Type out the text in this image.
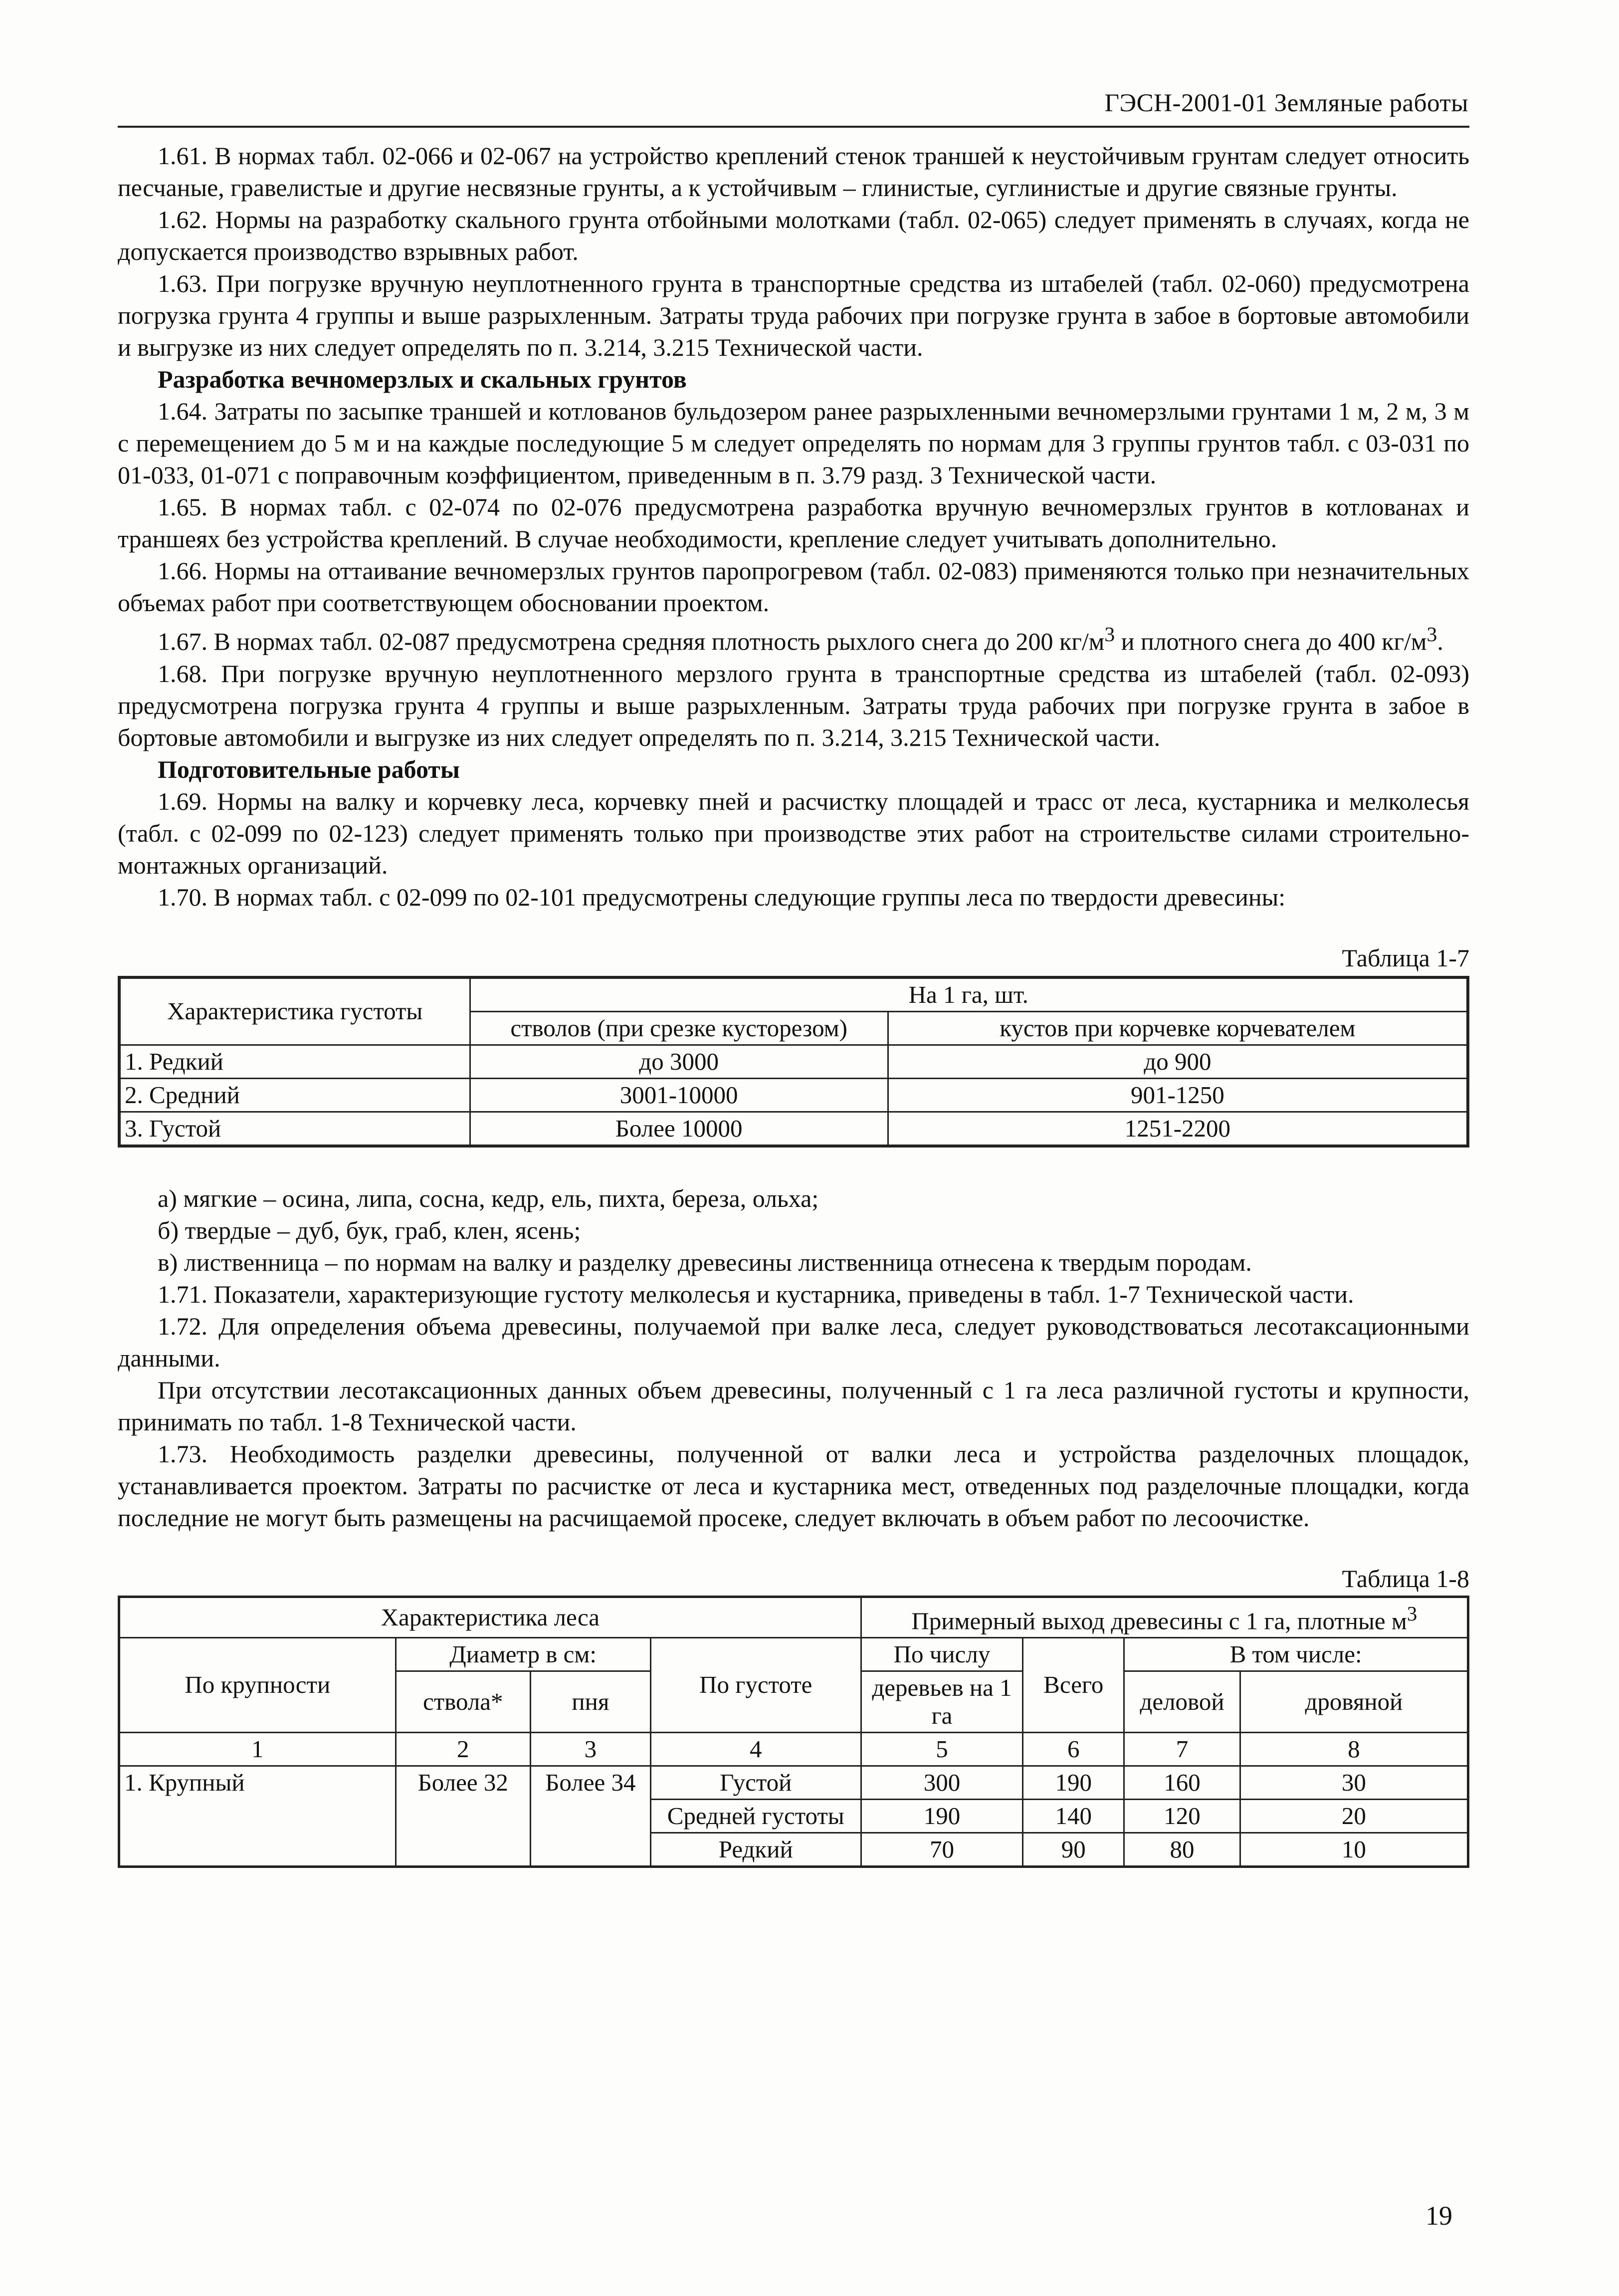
ГЭСН-2001-01 Земляные работы

1.61. В нормах табл. 02-066 и 02-067 на устройство креплений стенок траншей к неустойчивым грунтам следует относить песчаные, гравелистые и другие несвязные грунты, а к устойчивым – глинистые, суглинистые и другие связные грунты.

1.62. Нормы на разработку скального грунта отбойными молотками (табл. 02-065) следует применять в случаях, когда не допускается производство взрывных работ.

1.63. При погрузке вручную неуплотненного грунта в транспортные средства из штабелей (табл. 02-060) предусмотрена погрузка грунта 4 группы и выше разрыхленным. Затраты труда рабочих при погрузке грунта в забое в бортовые автомобили и выгрузке из них следует определять по п. 3.214, 3.215 Технической части.

Разработка вечномерзлых и скальных грунтов

1.64. Затраты по засыпке траншей и котлованов бульдозером ранее разрыхленными вечномерзлыми грунтами 1 м, 2 м, 3 м с перемещением до 5 м и на каждые последующие 5 м следует определять по нормам для 3 группы грунтов табл. с 03-031 по 01-033, 01-071 с поправочным коэффициентом, приведенным в п. 3.79 разд. 3 Технической части.

1.65. В нормах табл. с 02-074 по 02-076 предусмотрена разработка вручную вечномерзлых грунтов в котлованах и траншеях без устройства креплений. В случае необходимости, крепление следует учитывать дополнительно.

1.66. Нормы на оттаивание вечномерзлых грунтов паропрогревом (табл. 02-083) применяются только при незначительных объемах работ при соответствующем обосновании проектом.

1.67. В нормах табл. 02-087 предусмотрена средняя плотность рыхлого снега до 200 $кг/м^3$ и плотного снега до 400 $кг/м^3$.

1.68. При погрузке вручную неуплотненного мерзлого грунта в транспортные средства из штабелей (табл. 02-093) предусмотрена погрузка грунта 4 группы и выше разрыхленным. Затраты труда рабочих при погрузке грунта в забое в бортовые автомобили и выгрузке из них следует определять по п. 3.214, 3.215 Технической части.

Подготовительные работы

1.69. Нормы на валку и корчевку леса, корчевку пней и расчистку площадей и трасс от леса, кустарника и мелколесья (табл. с 02-099 по 02-123) следует применять только при производстве этих работ на строительстве силами строительно-монтажных организаций.

1.70. В нормах табл. с 02-099 по 02-101 предусмотрены следующие группы леса по твердости древесины:

Таблица 1-7
Характеристика густоты	На 1 га, шт.	
	стволов (при срезке кусторезом)	кустов при корчевке корчевателем
1. Редкий	до 3000	до 900
2. Средний	3001-10000	901-1250
3. Густой	Более 10000	1251-2200

а) мягкие – осина, липа, сосна, кедр, ель, пихта, береза, ольха;

б) твердые – дуб, бук, граб, клен, ясень;

в) лиственница – по нормам на валку и разделку древесины лиственница отнесена к твердым породам.

1.71. Показатели, характеризующие густоту мелколесья и кустарника, приведены в табл. 1-7 Технической части.

1.72. Для определения объема древесины, получаемой при валке леса, следует руководствоваться лесотаксационными данными.

При отсутствии лесотаксационных данных объем древесины, полученный с 1 га леса различной густоты и крупности, принимать по табл. 1-8 Технической части.

1.73. Необходимость разделки древесины, полученной от валки леса и устройства разделочных площадок, устанавливается проектом. Затраты по расчистке от леса и кустарника мест, отведенных под разделочные площадки, когда последние не могут быть размещены на расчищаемой просеке, следует включать в объем работ по лесоочистке.

Таблица 1-8
Характеристика леса				Примерный выход древесины с 1 га, плотные $м^3$
По крупности	Диаметр в см:		По густоте	По числу	Всего	В том числе:	
	ствола*	пня		деревьев на 1 га		деловой	дровяной
1	2	3	4	5	6	7	8
1. Крупный	Более 32	Более 34	Густой	300	190	160	30
			Средней густоты	190	140	120	20
			Редкий	70	90	80	10
19
